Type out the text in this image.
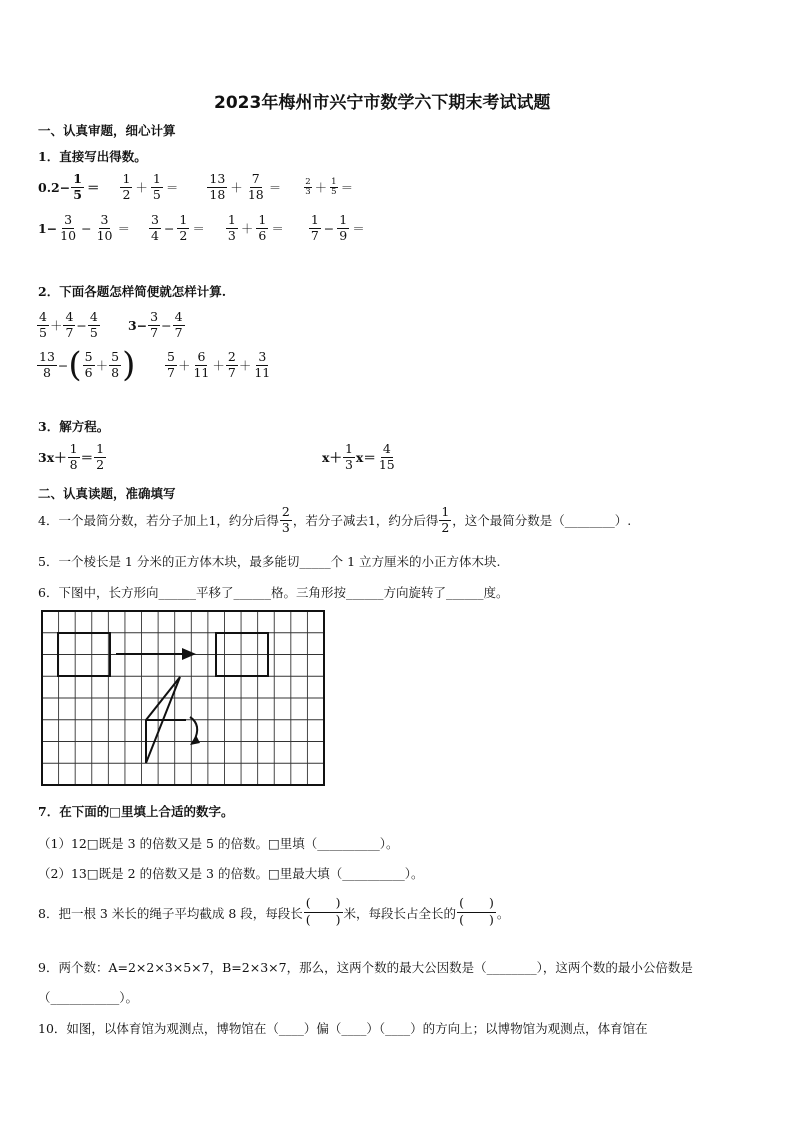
2023年梅州市兴宁市数学六下期末考试试题
一、认真审题，细心计算
1．直接写出得数。
$0.2- \frac{1}{5} = \frac{1}{2} + \frac{1}{5} = \frac{13}{18} + \frac{7}{18}$ ＝	$\frac{2}{3} + \frac{1}{5}$ ＝
$1- \frac{3}{10} - \frac{3}{10} = \frac{3}{4} - \frac{1}{2} = \frac{1}{3} + \frac{1}{6} = \frac{1}{7} - \frac{1}{9}$ ＝
2．下面各题怎样简便就怎样计算.
$\frac{4}{5} + \frac{4}{7} - \frac{4}{5} 3- \frac{3}{7} - \frac{4}{7}$
$\frac{13}{8}$ − ( $\frac{5}{6} + \frac{5}{8}$ ) $\frac{5}{7} + \frac{6}{11} + \frac{2}{7} + \frac{3}{11}$
3．解方程。
$3x+ \frac{1}{8} = \frac{1}{2}$	$x+ \frac{1}{3} x= \frac{4}{15}$
二、认真读题，准确填写
4．一个最简分数，若分子加上1，约分后得 $\frac{2}{3}$ ，若分子减去1，约分后得 $\frac{1}{2}$ ，这个最简分数是（________）.
5．一个棱长是 1 分米的正方体木块，最多能切_____个 1 立方厘米的小正方体木块.
6．下图中，长方形向______平移了______格。三角形按______方向旋转了______度。
7．在下面的□里填上合适的数字。
（1）12□既是 3 的倍数又是 5 的倍数。□里填（__________）。
（2）13□既是 2 的倍数又是 3 的倍数。□里最大填（__________）。
8．把一根 3 米长的绳子平均截成 8 段，每段长 $\frac{( )}{( )}$ 米，每段长占全长的 $\frac{( )}{( )}$ 。
9．两个数：A=2×2×3×5×7，B=2×3×7，那么，这两个数的最大公因数是（________），这两个数的最小公倍数是
（___________）。
10．如图，以体育馆为观测点，博物馆在（____）偏（____）（____）的方向上；以博物馆为观测点，体育馆在
